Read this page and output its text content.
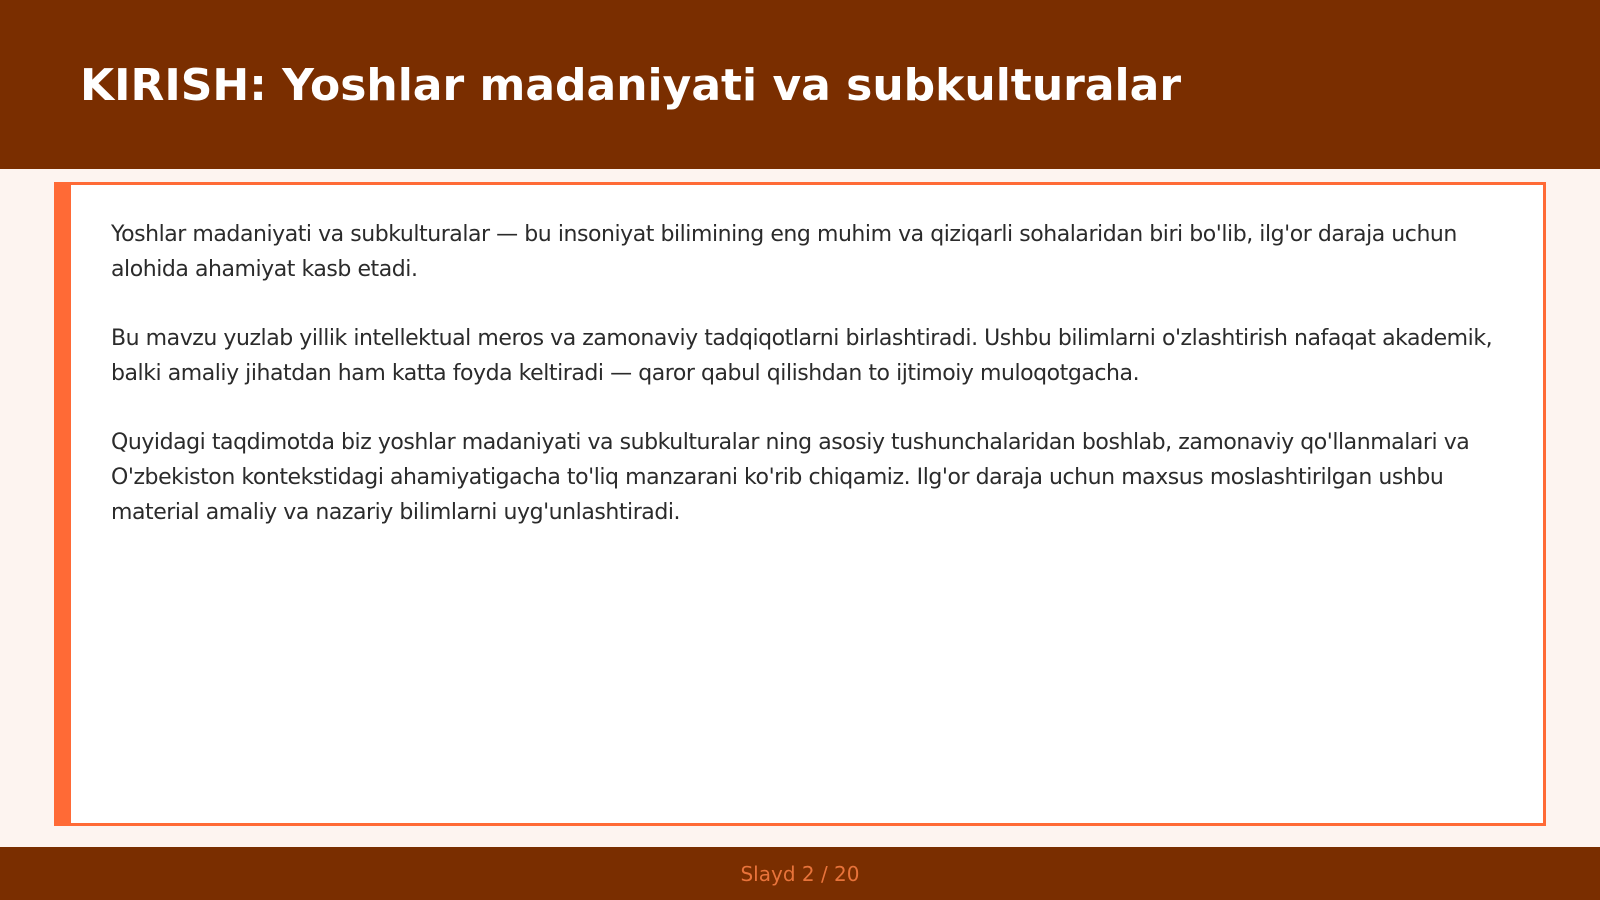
KIRISH: Yoshlar madaniyati va subkulturalar

Yoshlar madaniyati va subkulturalar — bu insoniyat bilimining eng muhim va qiziqarli sohalaridan biri bo'lib, ilg'or daraja uchun alohida ahamiyat kasb etadi.

Bu mavzu yuzlab yillik intellektual meros va zamonaviy tadqiqotlarni birlashtiradi. Ushbu bilimlarni o'zlashtirish nafaqat akademik, balki amaliy jihatdan ham katta foyda keltiradi — qaror qabul qilishdan to ijtimoiy muloqotgacha.

Quyidagi taqdimotda biz yoshlar madaniyati va subkulturalar ning asosiy tushunchalaridan boshlab, zamonaviy qo'llanmalari va O'zbekiston kontekstidagi ahamiyatigacha to'liq manzarani ko'rib chiqamiz. Ilg'or daraja uchun maxsus moslashtirilgan ushbu material amaliy va nazariy bilimlarni uyg'unlashtiradi.

Slayd 2 / 20
